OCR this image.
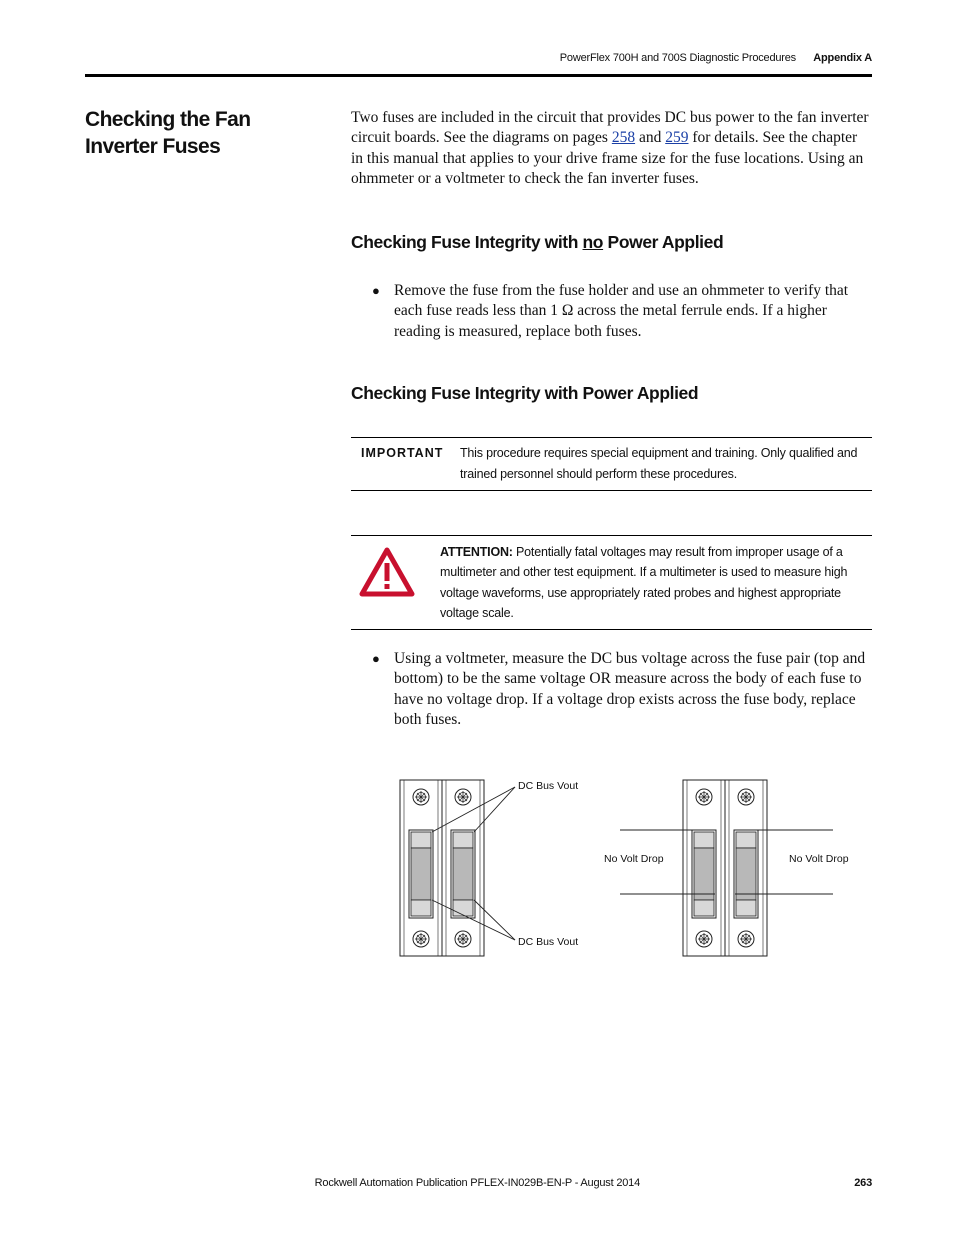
PowerFlex 700H and 700S Diagnostic Procedures Appendix A
Checking the Fan Inverter Fuses
Two fuses are included in the circuit that provides DC bus power to the fan inverter circuit boards. See the diagrams on pages 258 and 259 for details. See the chapter in this manual that applies to your drive frame size for the fuse locations. Using an ohmmeter or a voltmeter to check the fan inverter fuses.
Checking Fuse Integrity with no Power Applied
● Remove the fuse from the fuse holder and use an ohmmeter to verify that each fuse reads less than 1 Ω across the metal ferrule ends. If a higher reading is measured, replace both fuses.
Checking Fuse Integrity with Power Applied
IMPORTANT This procedure requires special equipment and training. Only qualified and trained personnel should perform these procedures.
ATTENTION: Potentially fatal voltages may result from improper usage of a multimeter and other test equipment. If a multimeter is used to measure high voltage waveforms, use appropriately rated probes and highest appropriate voltage scale.
● Using a voltmeter, measure the DC bus voltage across the fuse pair (top and bottom) to be the same voltage OR measure across the body of each fuse to have no voltage drop. If a voltage drop exists across the fuse body, replace both fuses.
DC Bus Vout
DC Bus Vout
No Volt Drop	No Volt Drop
Rockwell Automation Publication PFLEX-IN029B-EN-P - August 2014	263
